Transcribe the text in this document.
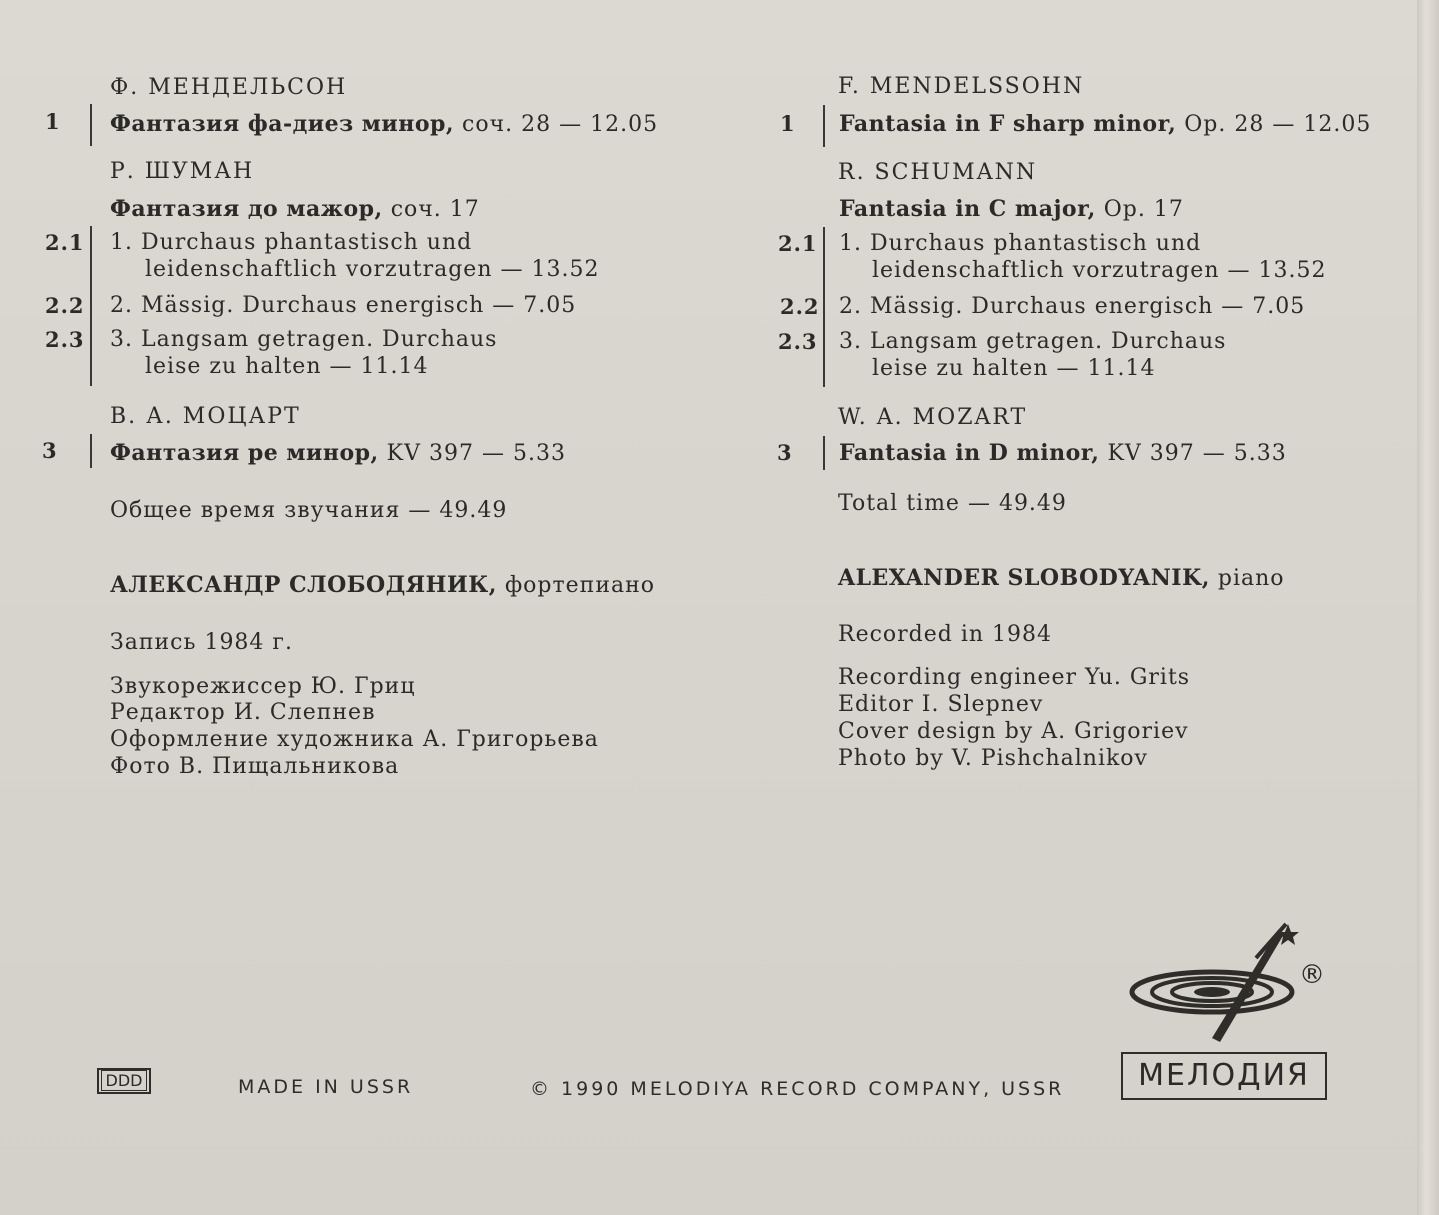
Ф. МЕНДЕЛЬСОН
1 Фантазия фа-диез минор, соч. 28 — 12.05
Р. ШУМАН
Фантазия до мажор, соч. 17
2.1 1. Durchaus phantastisch und
leidenschaftlich vorzutragen — 13.52
2.2 2. Mässig. Durchaus energisch — 7.05
2.3 3. Langsam getragen. Durchaus
leise zu halten — 11.14
В. А. МОЦАРТ
3 Фантазия ре минор, KV 397 — 5.33
Общее время звучания — 49.49
АЛЕКСАНДР СЛОБОДЯНИК, фортепиано
Запись 1984 г.
Звукорежиссер Ю. Гриц
Редактор И. Слепнев
Оформление художника А. Григорьева
Фото В. Пищальникова
F. MENDELSSOHN
1 Fantasia in F sharp minor, Op. 28 — 12.05
R. SCHUMANN
Fantasia in C major, Op. 17
2.1 1. Durchaus phantastisch und
leidenschaftlich vorzutragen — 13.52
2.2 2. Mässig. Durchaus energisch — 7.05
2.3 3. Langsam getragen. Durchaus
leise zu halten — 11.14
W. A. MOZART
3 Fantasia in D minor, KV 397 — 5.33
Total time — 49.49
ALEXANDER SLOBODYANIK, piano
Recorded in 1984
Recording engineer Yu. Grits
Editor I. Slepnev
Cover design by A. Grigoriev
Photo by V. Pishchalnikov
DDD	MADE IN USSR	© 1990 MELODIYA RECORD COMPANY, USSR
®
МЕЛОДИЯ
